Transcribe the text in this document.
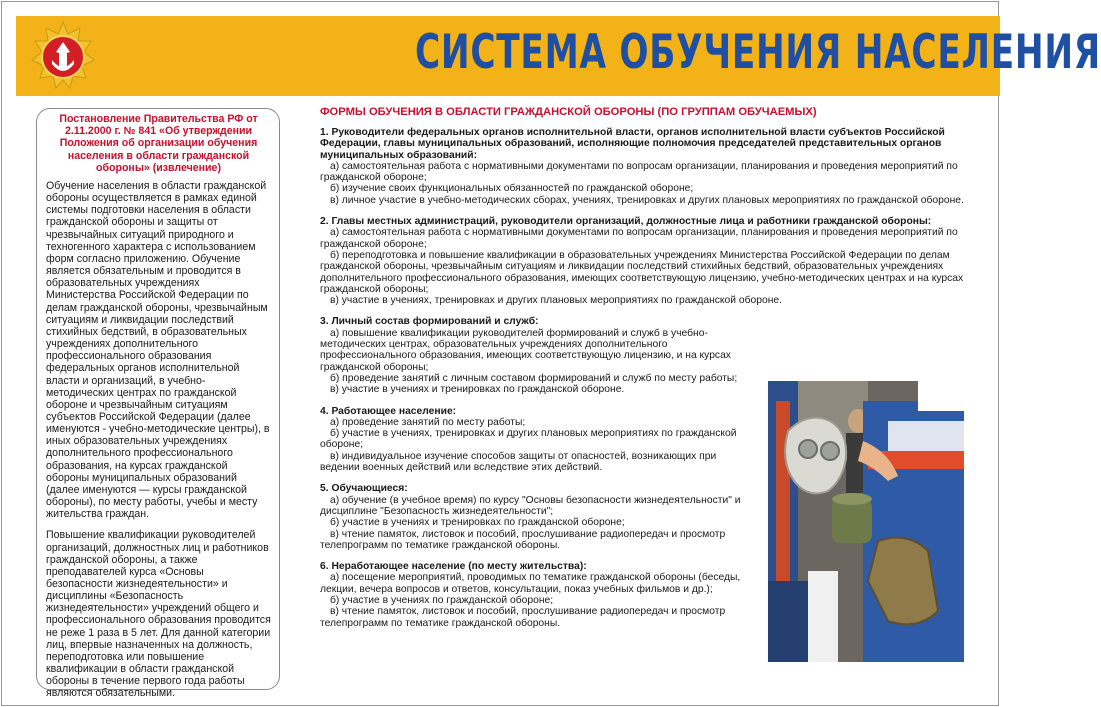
СИСТЕМА ОБУЧЕНИЯ НАСЕЛЕНИЯ

Постановление Правительства РФ от 2.11.2000 г. № 841 «Об утверждении Положения об организации обучения населения в области гражданской обороны» (извлечение)

Обучение населения в области гражданской обороны осуществляется в рамках единой системы подготовки населения в области гражданской обороны и защиты от чрезвычайных ситуаций природного и техногенного характера с использованием форм согласно приложению. Обучение является обязательным и проводится в образовательных учреждениях Министерства Российской Федерации по делам гражданской обороны, чрезвычайным ситуациям и ликвидации последствий стихийных бедствий, в образовательных учреждениях дополнительного профессионального образования федеральных органов исполнительной власти и организаций, в учебно-методических центрах по гражданской обороне и чрезвычайным ситуациям субъектов Российской Федерации (далее именуются - учебно-методические центры), в иных образовательных учреждениях дополнительного профессионального образования, на курсах гражданской обороны муниципальных образований (далее именуются — курсы гражданской обороны), по месту работы, учебы и месту жительства граждан.

Повышение квалификации руководителей организаций, должностных лиц и работников гражданской обороны, а также преподавателей курса «Основы безопасности жизнедеятельности» и дисциплины «Безопасность жизнедеятельности» учреждений общего и профессионального образования проводится не реже 1 раза в 5 лет. Для данной категории лиц, впервые назначенных на должность, переподготовка или повышение квалификации в области гражданской обороны в течение первого года работы являются обязательными.

ФОРМЫ ОБУЧЕНИЯ В ОБЛАСТИ ГРАЖДАНСКОЙ ОБОРОНЫ (ПО ГРУППАМ ОБУЧАЕМЫХ)

1. Руководители федеральных органов исполнительной власти, органов исполнительной власти субъектов Российской Федерации, главы муниципальных образований, исполняющие полномочия председателей представительных органов муниципальных образований:

а) самостоятельная работа с нормативными документами по вопросам организации, планирования и проведения мероприятий по гражданской обороне;
б) изучение своих функциональных обязанностей по гражданской обороне;
в) личное участие в учебно-методических сборах, учениях, тренировках и других плановых мероприятиях по гражданской обороне.

2. Главы местных администраций, руководители организаций, должностные лица и работники гражданской обороны:

а) самостоятельная работа с нормативными документами по вопросам организации, планирования и проведения мероприятий по гражданской обороне;
б) переподготовка и повышение квалификации в образовательных учреждениях Министерства Российской Федерации по делам гражданской обороны, чрезвычайным ситуациям и ликвидации последствий стихийных бедствий, образовательных учреждениях дополнительного профессионального образования, имеющих соответствующую лицензию, учебно-методических центрах и на курсах гражданской обороны;
в) участие в учениях, тренировках и других плановых мероприятиях по гражданской обороне.

3. Личный состав формирований и служб:

а) повышение квалификации руководителей формирований и служб в учебно-методических центрах, образовательных учреждениях дополнительного профессионального образования, имеющих соответствующую лицензию, и на курсах гражданской обороны;
б) проведение занятий с личным составом формирований и служб по месту работы;
в) участие в учениях и тренировках по гражданской обороне.

4. Работающее население:

а) проведение занятий по месту работы;
б) участие в учениях, тренировках и других плановых мероприятиях по гражданской обороне;
в) индивидуальное изучение способов защиты от опасностей, возникающих при ведении военных действий или вследствие этих действий.

5. Обучающиеся:

а) обучение (в учебное время) по курсу "Основы безопасности жизнедеятельности" и дисциплине "Безопасность жизнедеятельности";
б) участие в учениях и тренировках по гражданской обороне;
в) чтение памяток, листовок и пособий, прослушивание радиопередач и просмотр телепрограмм по тематике гражданской обороны.

6. Неработающее население (по месту жительства):

а) посещение мероприятий, проводимых по тематике гражданской обороны (беседы, лекции, вечера вопросов и ответов, консультации, показ учебных фильмов и др.);
б) участие в учениях по гражданской обороне;
в) чтение памяток, листовок и пособий, прослушивание радиопередач и просмотр телепрограмм по тематике гражданской обороны.
